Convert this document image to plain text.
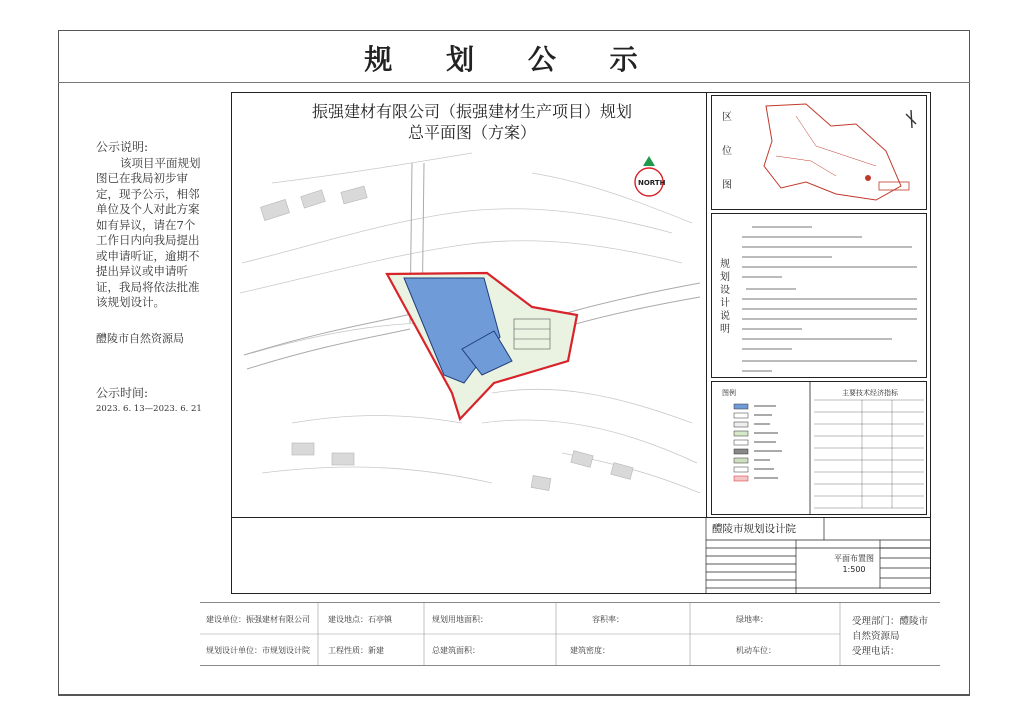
规 划 公 示
公示说明:
该项目平面规划图已在我局初步审定，现予公示，相邻单位及个人对此方案如有异议，请在7个工作日内向我局提出或申请听证，逾期不提出异议或申请听证，我局将依法批准该规划设计。
醴陵市自然资源局
公示时间:
2023. 6. 13—2023. 6. 21
NORTH
振强建材有限公司（振强建材生产项目）规划
总平面图（方案）
区
位
图
规划设计说明
图例	主要技术经济指标
醴陵市规划设计院
平面布置图
1:500
建设单位：振强建材有限公司 建设地点：石亭镇	规划用地面积：	容积率：	绿地率：
规划设计单位：市规划设计院 工程性质：新建	总建筑面积：	建筑密度：	机动车位：
受理部门：醴陵市
自然资源局
受理电话：
